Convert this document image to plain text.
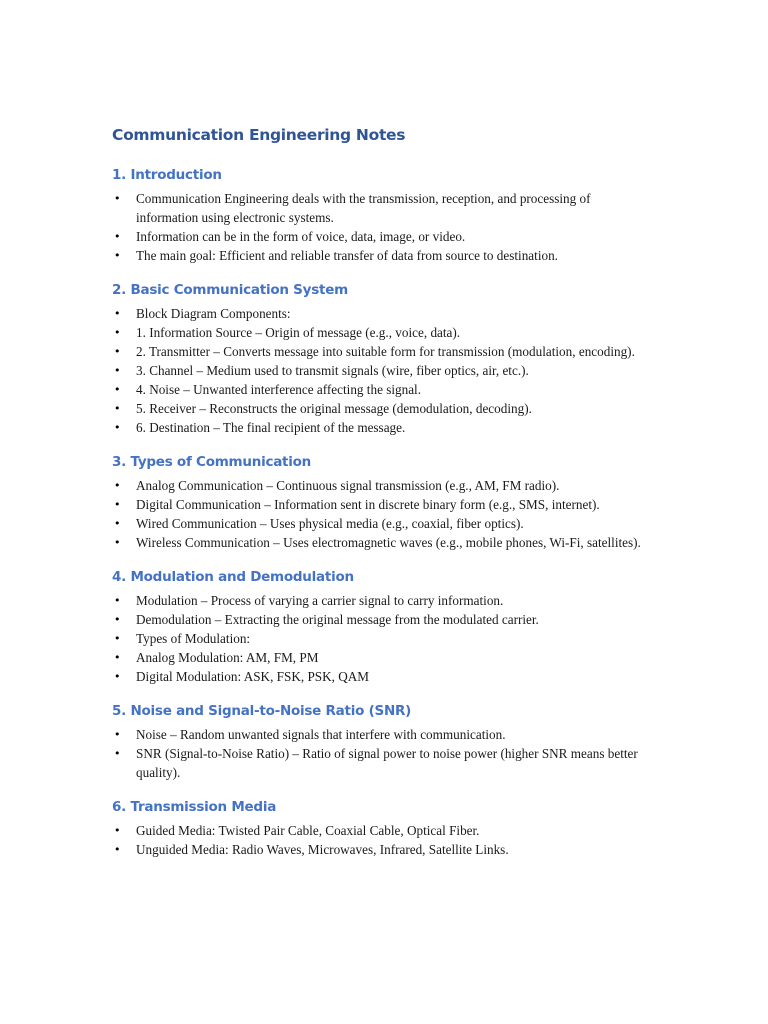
Communication Engineering Notes
1. Introduction
• Communication Engineering deals with the transmission, reception, and processing of information using electronic systems.
• Information can be in the form of voice, data, image, or video.
• The main goal: Efficient and reliable transfer of data from source to destination.
2. Basic Communication System
• Block Diagram Components:
• 1. Information Source – Origin of message (e.g., voice, data).
• 2. Transmitter – Converts message into suitable form for transmission (modulation, encoding).
• 3. Channel – Medium used to transmit signals (wire, fiber optics, air, etc.).
• 4. Noise – Unwanted interference affecting the signal.
• 5. Receiver – Reconstructs the original message (demodulation, decoding).
• 6. Destination – The final recipient of the message.
3. Types of Communication
• Analog Communication – Continuous signal transmission (e.g., AM, FM radio).
• Digital Communication – Information sent in discrete binary form (e.g., SMS, internet).
• Wired Communication – Uses physical media (e.g., coaxial, fiber optics).
• Wireless Communication – Uses electromagnetic waves (e.g., mobile phones, Wi-Fi, satellites).
4. Modulation and Demodulation
• Modulation – Process of varying a carrier signal to carry information.
• Demodulation – Extracting the original message from the modulated carrier.
• Types of Modulation:
• Analog Modulation: AM, FM, PM
• Digital Modulation: ASK, FSK, PSK, QAM
5. Noise and Signal-to-Noise Ratio (SNR)
• Noise – Random unwanted signals that interfere with communication.
• SNR (Signal-to-Noise Ratio) – Ratio of signal power to noise power (higher SNR means better quality).
6. Transmission Media
• Guided Media: Twisted Pair Cable, Coaxial Cable, Optical Fiber.
• Unguided Media: Radio Waves, Microwaves, Infrared, Satellite Links.
